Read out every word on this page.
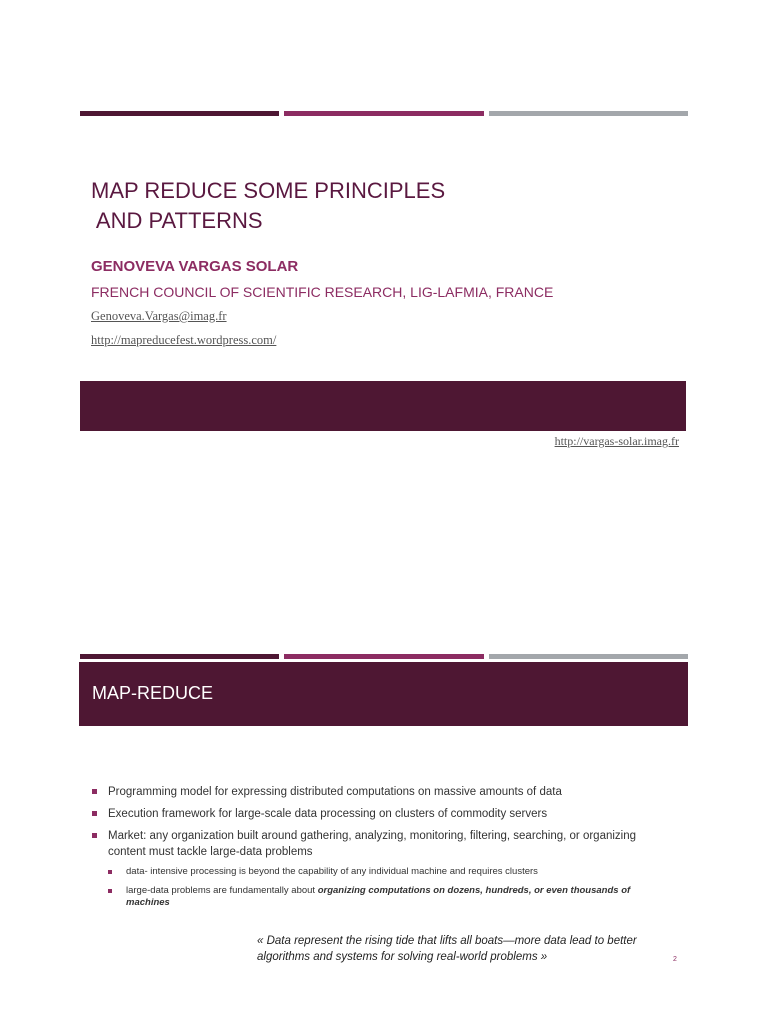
MAP REDUCE SOME PRINCIPLES
AND PATTERNS

GENOVEVA VARGAS SOLAR

FRENCH COUNCIL OF SCIENTIFIC RESEARCH, LIG-LAFMIA, FRANCE

Genoveva.Vargas@imag.fr
http://mapreducefest.wordpress.com/
http://vargas-solar.imag.fr
MAP-REDUCE
Programming model for expressing distributed computations on massive amounts of data
Execution framework for large-scale data processing on clusters of commodity servers
Market: any organization built around gathering, analyzing, monitoring, filtering, searching, or organizing content must tackle large-data problems
data- intensive processing is beyond the capability of any individual machine and requires clusters
large-data problems are fundamentally about organizing computations on dozens, hundreds, or even thousands of machines

« Data represent the rising tide that lifts all boats—more data lead to better algorithms and systems for solving real-world problems »	2
